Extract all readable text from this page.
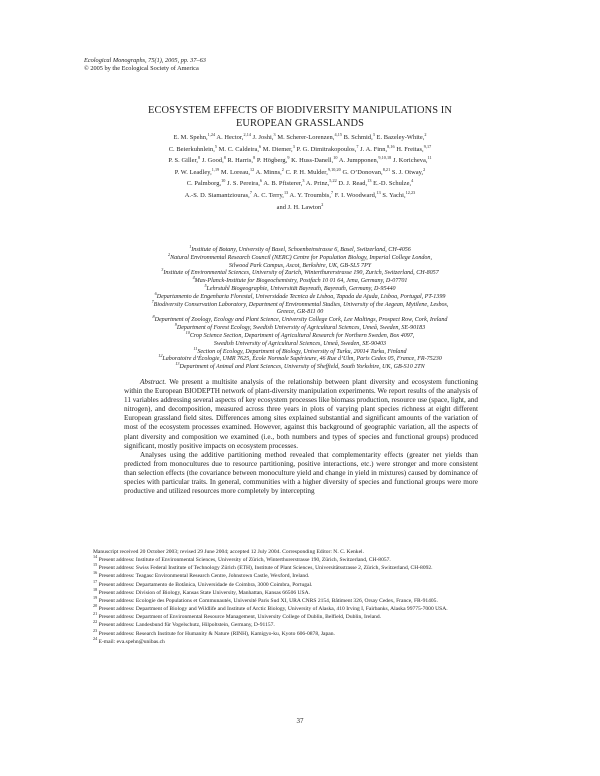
Ecological Monographs, 75(1), 2005, pp. 37–63
© 2005 by the Ecological Society of America
ECOSYSTEM EFFECTS OF BIODIVERSITY MANIPULATIONS IN
EUROPEAN GRASSLANDS
E. M. Spehn,$^{1,24}$ A. Hector,$^{2,14}$ J. Joshi,$^3$ M. Scherer-Lorenzen,$^{4,15}$ B. Schmid,$^3$ E. Bazeley-White,$^2$
C. Beierkuhnlein,$^5$ M. C. Caldeira,$^6$ M. Diemer,$^3$ P. G. Dimitrakopoulos,$^7$ J. A. Finn,$^{8,16}$ H. Freitas,$^{9,17}$
P. S. Giller,$^8$ J. Good,$^8$ R. Harris,$^8$ P. Högberg,$^9$ K. Huss-Danell,$^{10}$ A. Jumpponen,$^{9,10,18}$ J. Koricheva,$^{11}$
P. W. Leadley,$^{1,19}$ M. Loreau,$^{12}$ A. Minns,$^2$ C. P. H. Mulder,$^{9,10,20}$ G. O’Donovan,$^{8,21}$ S. J. Otway,$^2$
C. Palmborg,$^{10}$ J. S. Pereira,$^6$ A. B. Pfisterer,$^3$ A. Prinz,$^{5,22}$ D. J. Read,$^{13}$ E.-D. Schulze,$^4$
A.-S. D. Siamantziouras,$^7$ A. C. Terry,$^{13}$ A. Y. Troumbis,$^7$ F. I. Woodward,$^{13}$ S. Yachi,$^{12,23}$
and J. H. Lawton$^2$
$^1$Institute of Botany, University of Basel, Schoenbeinstrasse 6, Basel, Switzerland, CH-4056
$^2$Natural Environmental Research Council (NERC) Centre for Population Biology, Imperial College London,
Silwood Park Campus, Ascot, Berkshire, UK, GB-SL5 7PY
$^3$Institute of Environmental Sciences, University of Zurich, Winterthurerstrasse 190, Zurich, Switzerland, CH-8057
$^4$Max-Planck-Institute for Biogeochemistry, Postfach 10 01 64, Jena, Germany, D-07701
$^5$Lehrstuhl Biogeographie, Universität Bayreuth, Bayreuth, Germany, D-95440
$^6$Departamento de Engenharia Florestal, Universidade Tecnica de Lisboa, Tapada da Ajuda, Lisboa, Portugal, PT-1399
$^7$Biodiversity Conservation Laboratory, Department of Environmental Studies, University of the Aegean, Mytilene, Lesbos,
Greece, GR-811 00
$^8$Department of Zoology, Ecology and Plant Science, University College Cork, Lee Maltings, Prospect Row, Cork, Ireland
$^9$Department of Forest Ecology, Swedish University of Agricultural Sciences, Umeå, Sweden, SE-90183
$^{10}$Crop Science Section, Department of Agricultural Research for Northern Sweden, Box 4097,
Swedish University of Agricultural Sciences, Umeå, Sweden, SE-90403
$^{11}$Section of Ecology, Department of Biology, University of Turku, 20014 Turku, Finland
$^{12}$Laboratoire d’Écologie, UMR 7625, École Normale Supérieure, 46 Rue d’Ulm, Paris Cedex 05, France, FR-75230
$^{13}$Department of Animal and Plant Sciences, University of Sheffield, South Yorkshire, UK, GB-S10 2TN

Abstract. We present a multisite analysis of the relationship between plant diversity and ecosystem functioning within the European BIODEPTH network of plant-diversity manipulation experiments. We report results of the analysis of 11 variables addressing several aspects of key ecosystem processes like biomass production, resource use (space, light, and nitrogen), and decomposition, measured across three years in plots of varying plant species richness at eight different European grassland field sites. Differences among sites explained substantial and significant amounts of the variation of most of the ecosystem processes examined. However, against this background of geographic variation, all the aspects of plant diversity and composition we examined (i.e., both numbers and types of species and functional groups) produced significant, mostly positive impacts on ecosystem processes.

Analyses using the additive partitioning method revealed that complementarity effects (greater net yields than predicted from monocultures due to resource partitioning, positive interactions, etc.) were stronger and more consistent than selection effects (the covariance between monoculture yield and change in yield in mixtures) caused by dominance of species with particular traits. In general, communities with a higher diversity of species and functional groups were more productive and utilized resources more completely by intercepting

Manuscript received 20 October 2003; revised 29 June 2004; accepted 12 July 2004. Corresponding Editor: N. C. Kenkel.

$^{14}$ Present address: Institute of Environmental Sciences, University of Zürich, Winterthurerstrasse 190, Zürich, Switzerland, CH-8057.

$^{15}$ Present address: Swiss Federal Institute of Technology Zürich (ETH), Institute of Plant Sciences, Universitätsstrasse 2, Zürich, Switzerland, CH-8092.

$^{16}$ Present address: Teagasc Environmental Research Centre, Johnstown Castle, Wexford, Ireland.

$^{17}$ Present address: Departamento de Botânica, Universidade de Coimbra, 3000 Coimbra, Portugal.

$^{18}$ Present address: Division of Biology, Kansas State University, Manhattan, Kansas 66506 USA.

$^{19}$ Present address: Ecologie des Populations et Communautés, Université Paris Sud XI, URA CNRS 2154, Bâtiment 326, Orsay Cedex, France, FR-91405.

$^{20}$ Present address: Department of Biology and Wildlife and Institute of Arctic Biology, University of Alaska, 410 Irving I, Fairbanks, Alaska 99775-7000 USA.

$^{21}$ Present address: Department of Environmental Resource Management, University College of Dublin, Belfield, Dublin, Ireland.

$^{22}$ Present address: Landesbund für Vogelschutz, Hilpoltstein, Germany, D-91157.

$^{23}$ Present address: Research Institute for Humanity & Nature (RINH), Kamigyo-ku, Kyoto 606-0878, Japan.

$^{24}$ E-mail: eva.spehn@unibas.ch

37
